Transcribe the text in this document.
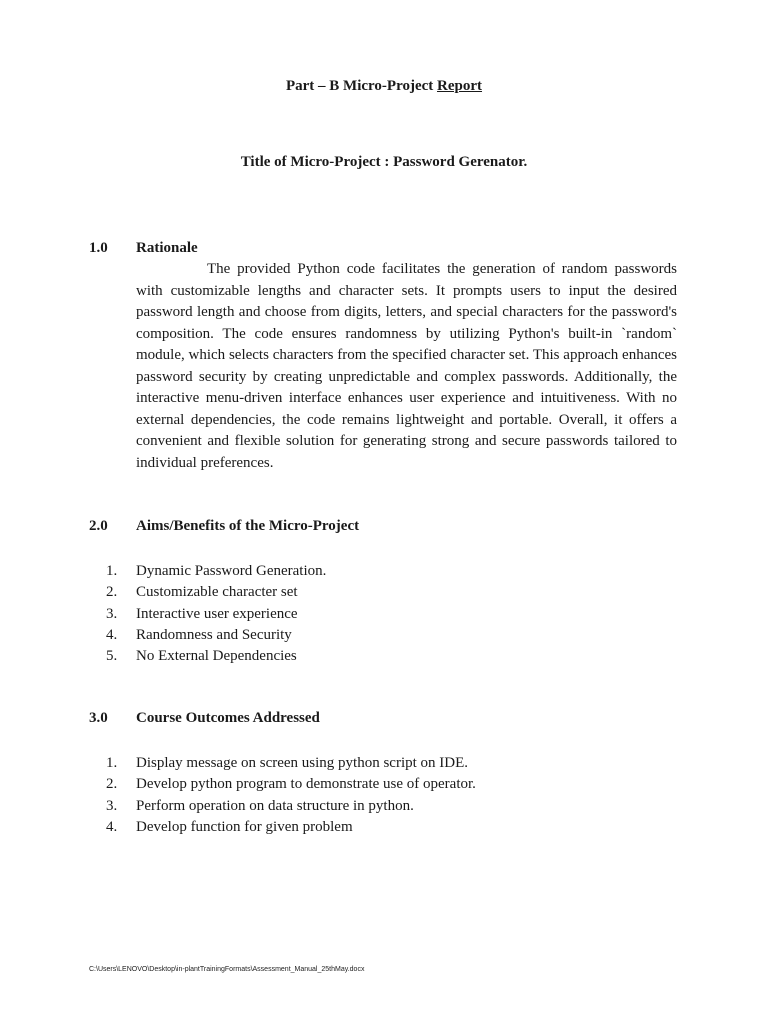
Part – B Micro-Project Report
Title of Micro-Project : Password Gerenator.
1.0 Rationale

The provided Python code facilitates the generation of random passwords with customizable lengths and character sets. It prompts users to input the desired password length and choose from digits, letters, and special characters for the password's composition. The code ensures randomness by utilizing Python's built-in `random` module, which selects characters from the specified character set. This approach enhances password security by creating unpredictable and complex passwords. Additionally, the interactive menu-driven interface enhances user experience and intuitiveness. With no external dependencies, the code remains lightweight and portable. Overall, it offers a convenient and flexible solution for generating strong and secure passwords tailored to individual preferences.

2.0 Aims/Benefits of the Micro-Project
1.	Dynamic Password Generation.
2.	Customizable character set
3.	Interactive user experience
4.	Randomness and Security
5.	No External Dependencies
3.0 Course Outcomes Addressed
1.	Display message on screen using python script on IDE.
2.	Develop python program to demonstrate use of operator.
3.	Perform operation on data structure in python.
4.	Develop function for given problem
C:\Users\LENOVO\Desktop\in-plantTrainingFormats\Assessment_Manual_25thMay.docx
